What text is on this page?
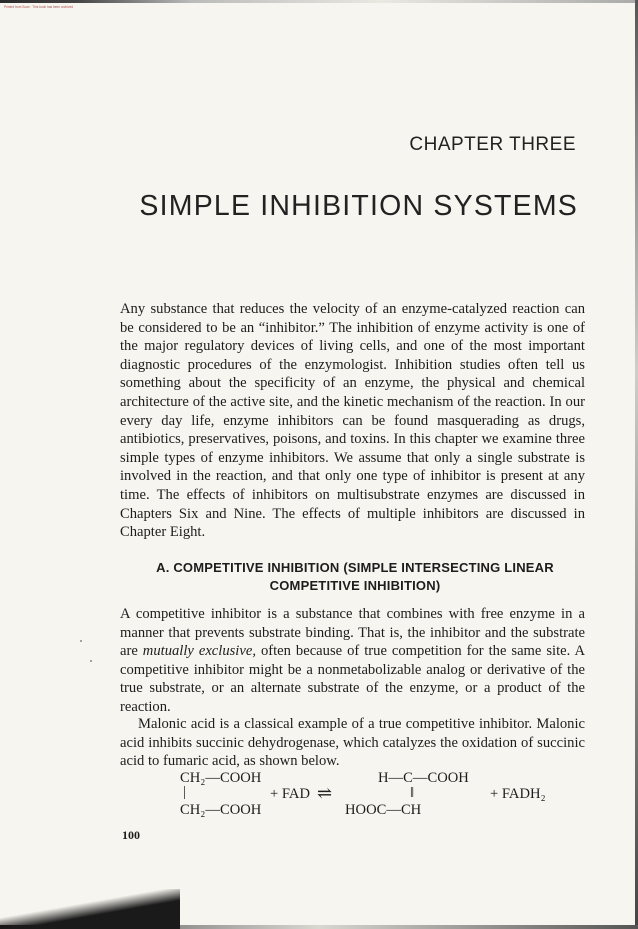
Printed from Scan · This book has been archived
CHAPTER THREE
SIMPLE INHIBITION SYSTEMS

Any substance that reduces the velocity of an enzyme-catalyzed reaction can be considered to be an “inhibitor.” The inhibition of enzyme activity is one of the major regulatory devices of living cells, and one of the most important diagnostic procedures of the enzymologist. Inhibition studies often tell us something about the specificity of an enzyme, the physical and chemical architecture of the active site, and the kinetic mechanism of the reaction. In our every day life, enzyme inhibitors can be found masquerading as drugs, antibiotics, preservatives, poisons, and toxins. In this chapter we examine three simple types of enzyme inhibitors. We assume that only a single substrate is involved in the reaction, and that only one type of inhibitor is present at any time. The effects of inhibitors on multisubstrate enzymes are discussed in Chapters Six and Nine. The effects of multiple inhibitors are discussed in Chapter Eight.

A. COMPETITIVE INHIBITION (SIMPLE INTERSECTING LINEAR
COMPETITIVE INHIBITION)

A competitive inhibitor is a substance that combines with free enzyme in a manner that prevents substrate binding. That is, the inhibitor and the substrate are mutually exclusive, often because of true competition for the same site. A competitive inhibitor might be a nonmetabolizable analog or derivative of the true substrate, or an alternate substrate of the enzyme, or a product of the reaction.

Malonic acid is a classical example of a true competitive inhibitor. Malonic acid inhibits succinic dehydrogenase, which catalyzes the oxidation of succinic acid to fumaric acid, as shown below.

CH₂—COOH
|
CH₂—COOH
+ FAD ⇌
H—C—COOH
‖
HOOC—CH
+ FADH₂
100
